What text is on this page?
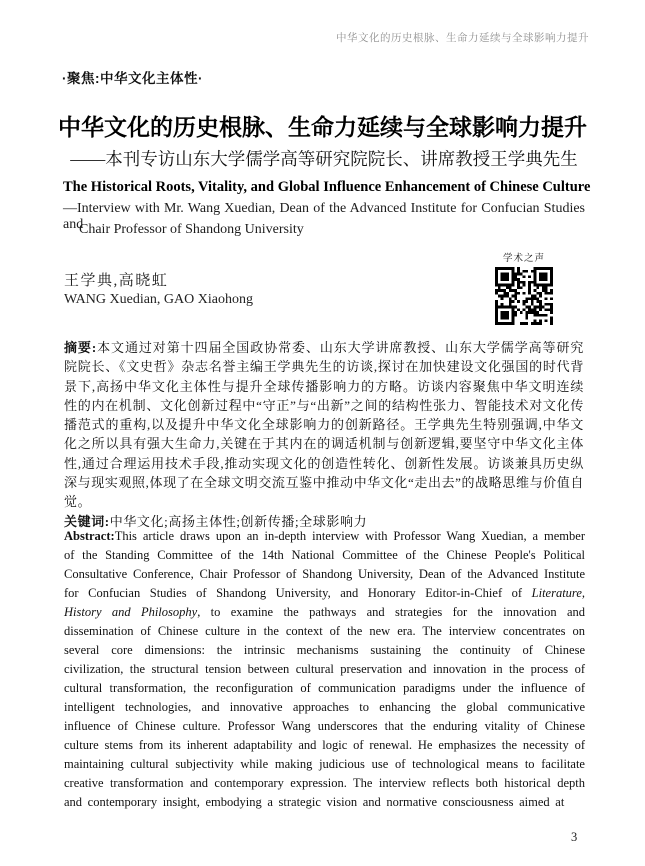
中华文化的历史根脉、生命力延续与全球影响力提升
·聚焦:中华文化主体性·
中华文化的历史根脉、生命力延续与全球影响力提升
——本刊专访山东大学儒学高等研究院院长、讲席教授王学典先生
The Historical Roots, Vitality, and Global Influence Enhancement of Chinese Culture
—Interview with Mr. Wang Xuedian, Dean of the Advanced Institute for Confucian Studies and
Chair Professor of Shandong University
王学典,高晓虹
WANG Xuedian, GAO Xiaohong
学术之声

摘要:本文通过对第十四届全国政协常委、山东大学讲席教授、山东大学儒学高等研究院院长、《文史哲》杂志名誉主编王学典先生的访谈,探讨在加快建设文化强国的时代背景下,高扬中华文化主体性与提升全球传播影响力的方略。访谈内容聚焦中华文明连续性的内在机制、文化创新过程中“守正”与“出新”之间的结构性张力、智能技术对文化传播范式的重构,以及提升中华文化全球影响力的创新路径。王学典先生特别强调,中华文化之所以具有强大生命力,关键在于其内在的调适机制与创新逻辑,要坚守中华文化主体性,通过合理运用技术手段,推动实现文化的创造性转化、创新性发展。访谈兼具历史纵深与现实观照,体现了在全球文明交流互鉴中推动中华文化“走出去”的战略思维与价值自觉。

关键词:中华文化;高扬主体性;创新传播;全球影响力

Abstract:This article draws upon an in-depth interview with Professor Wang Xuedian, a member of the Standing Committee of the 14th National Committee of the Chinese People's Political Consultative Conference, Chair Professor of Shandong University, Dean of the Advanced Institute for Confucian Studies of Shandong University, and Honorary Editor-in-Chief of Literature, History and Philosophy, to examine the pathways and strategies for the innovation and dissemination of Chinese culture in the context of the new era. The interview concentrates on several core dimensions: the intrinsic mechanisms sustaining the continuity of Chinese civilization, the structural tension between cultural preservation and innovation in the process of cultural transformation, the reconfiguration of communication paradigms under the influence of intelligent technologies, and innovative approaches to enhancing the global communicative influence of Chinese culture. Professor Wang underscores that the enduring vitality of Chinese culture stems from its inherent adaptability and logic of renewal. He emphasizes the necessity of maintaining cultural subjectivity while making judicious use of technological means to facilitate creative transformation and contemporary expression. The interview reflects both historical depth and contemporary insight, embodying a strategic vision and normative consciousness aimed at

3
